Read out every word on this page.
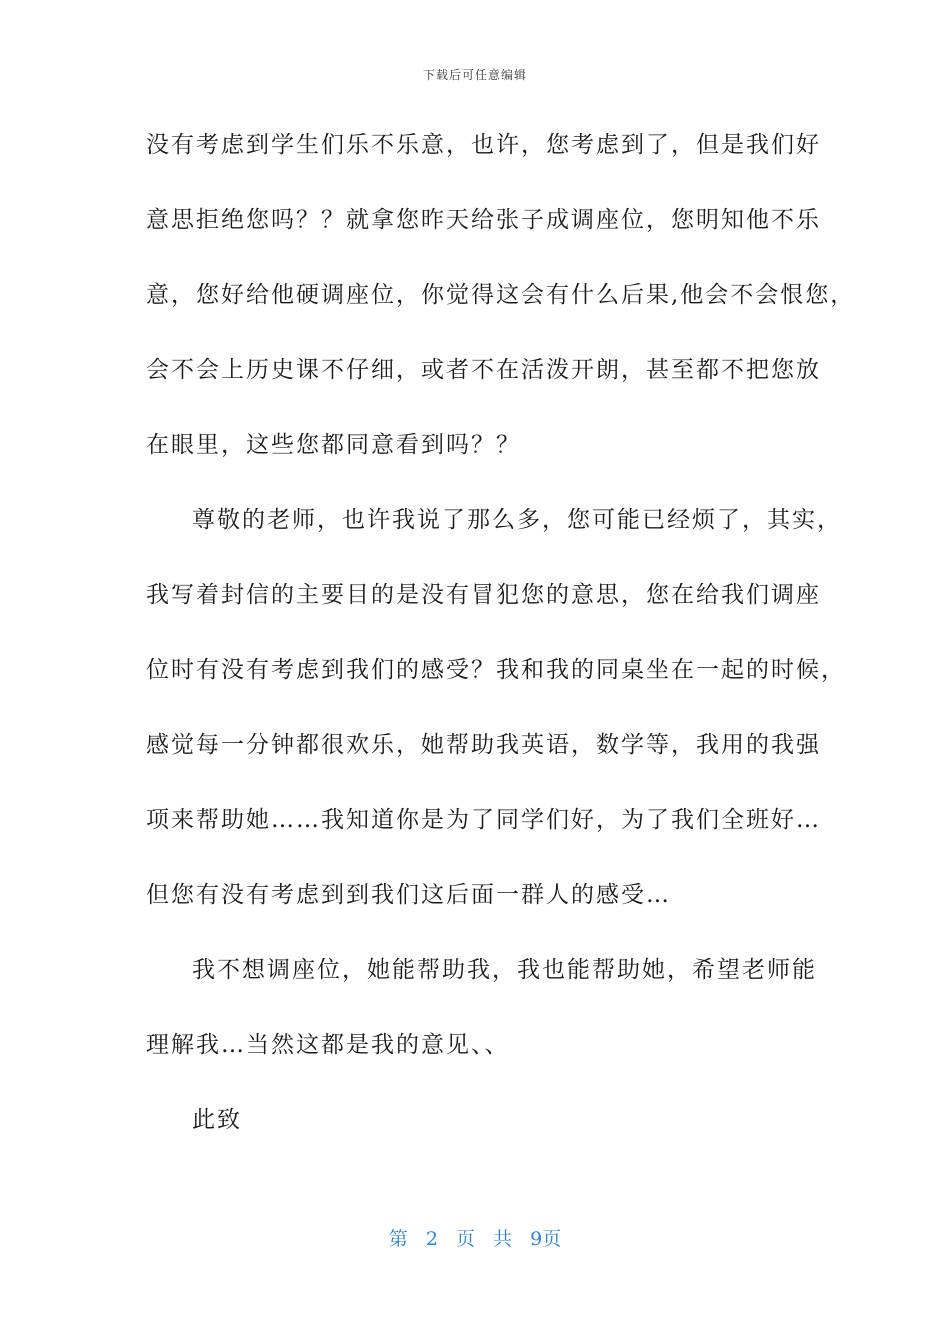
下载后可任意编辑
没有考虑到学生们乐不乐意，也许，您考虑到了，但是我们好
意思拒绝您吗？？就拿您昨天给张子成调座位，您明知他不乐
意，您好给他硬调座位，你觉得这会有什么后果,他会不会恨您，
会不会上历史课不仔细，或者不在活泼开朗，甚至都不把您放
在眼里，这些您都同意看到吗？？
尊敬的老师，也许我说了那么多，您可能已经烦了，其实，
我写着封信的主要目的是没有冒犯您的意思，您在给我们调座
位时有没有考虑到我们的感受？我和我的同桌坐在一起的时候，
感觉每一分钟都很欢乐，她帮助我英语，数学等，我用的我强
项来帮助她……我知道你是为了同学们好，为了我们全班好…
但您有没有考虑到到我们这后面一群人的感受…
我不想调座位，她能帮助我，我也能帮助她，希望老师能
理解我…当然这都是我的意见、、
此致
第 2 页 共 9页
